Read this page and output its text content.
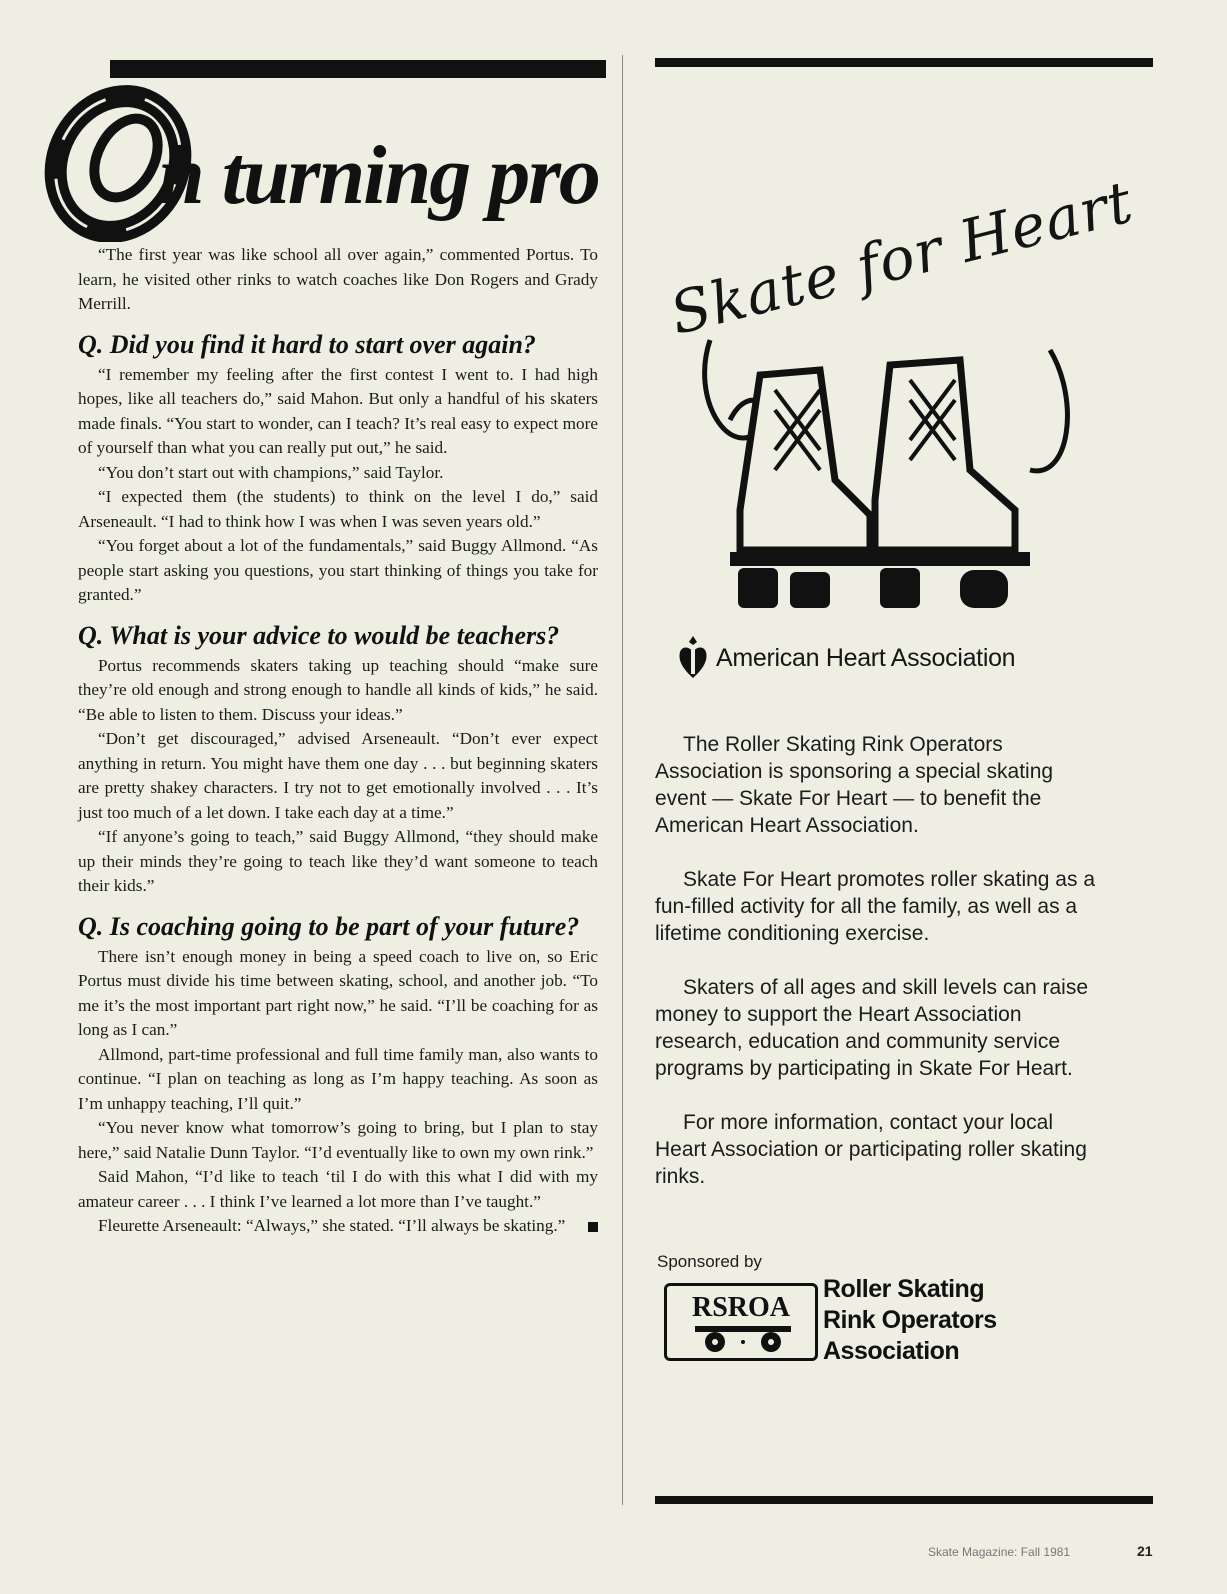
n turning pro

“The first year was like school all over again,” commented Portus. To learn, he visited other rinks to watch coaches like Don Rogers and Grady Merrill.

Q. Did you find it hard to start over again?

“I remember my feeling after the first contest I went to. I had high hopes, like all teachers do,” said Mahon. But only a handful of his skaters made finals. “You start to wonder, can I teach? It’s real easy to expect more of yourself than what you can really put out,” he said.

“You don’t start out with champions,” said Taylor.

“I expected them (the students) to think on the level I do,” said Arseneault. “I had to think how I was when I was seven years old.”

“You forget about a lot of the fundamentals,” said Buggy Allmond. “As people start asking you questions, you start thinking of things you take for granted.”

Q. What is your advice to would be teachers?

Portus recommends skaters taking up teaching should “make sure they’re old enough and strong enough to handle all kinds of kids,” he said. “Be able to listen to them. Discuss your ideas.”

“Don’t get discouraged,” advised Arseneault. “Don’t ever expect anything in return. You might have them one day . . . but beginning skaters are pretty shakey characters. I try not to get emotionally involved . . . It’s just too much of a let down. I take each day at a time.”

“If anyone’s going to teach,” said Buggy Allmond, “they should make up their minds they’re going to teach like they’d want someone to teach their kids.”

Q. Is coaching going to be part of your future?

There isn’t enough money in being a speed coach to live on, so Eric Portus must divide his time between skating, school, and another job. “To me it’s the most important part right now,” he said. “I’ll be coaching for as long as I can.”

Allmond, part-time professional and full time family man, also wants to continue. “I plan on teaching as long as I’m happy teaching. As soon as I’m unhappy teaching, I’ll quit.”

“You never know what tomorrow’s going to bring, but I plan to stay here,” said Natalie Dunn Taylor. “I’d eventually like to own my own rink.”

Said Mahon, “I’d like to teach ‘til I do with this what I did with my amateur career . . . I think I’ve learned a lot more than I’ve taught.”

Fleurette Arseneault: “Always,” she stated. “I’ll always be skating.”

Skate for Heart
American Heart Association

The Roller Skating Rink Operators Association is sponsoring a special skating event — Skate For Heart — to benefit the American Heart Association.

Skate For Heart promotes roller skating as a fun-filled activity for all the family, as well as a lifetime conditioning exercise.

Skaters of all ages and skill levels can raise money to support the Heart Association research, education and community service programs by participating in Skate For Heart.

For more information, contact your local Heart Association or participating roller skating rinks.

Sponsored by
RSROA
Roller Skating
Rink Operators
Association
Skate Magazine: Fall 1981	21
